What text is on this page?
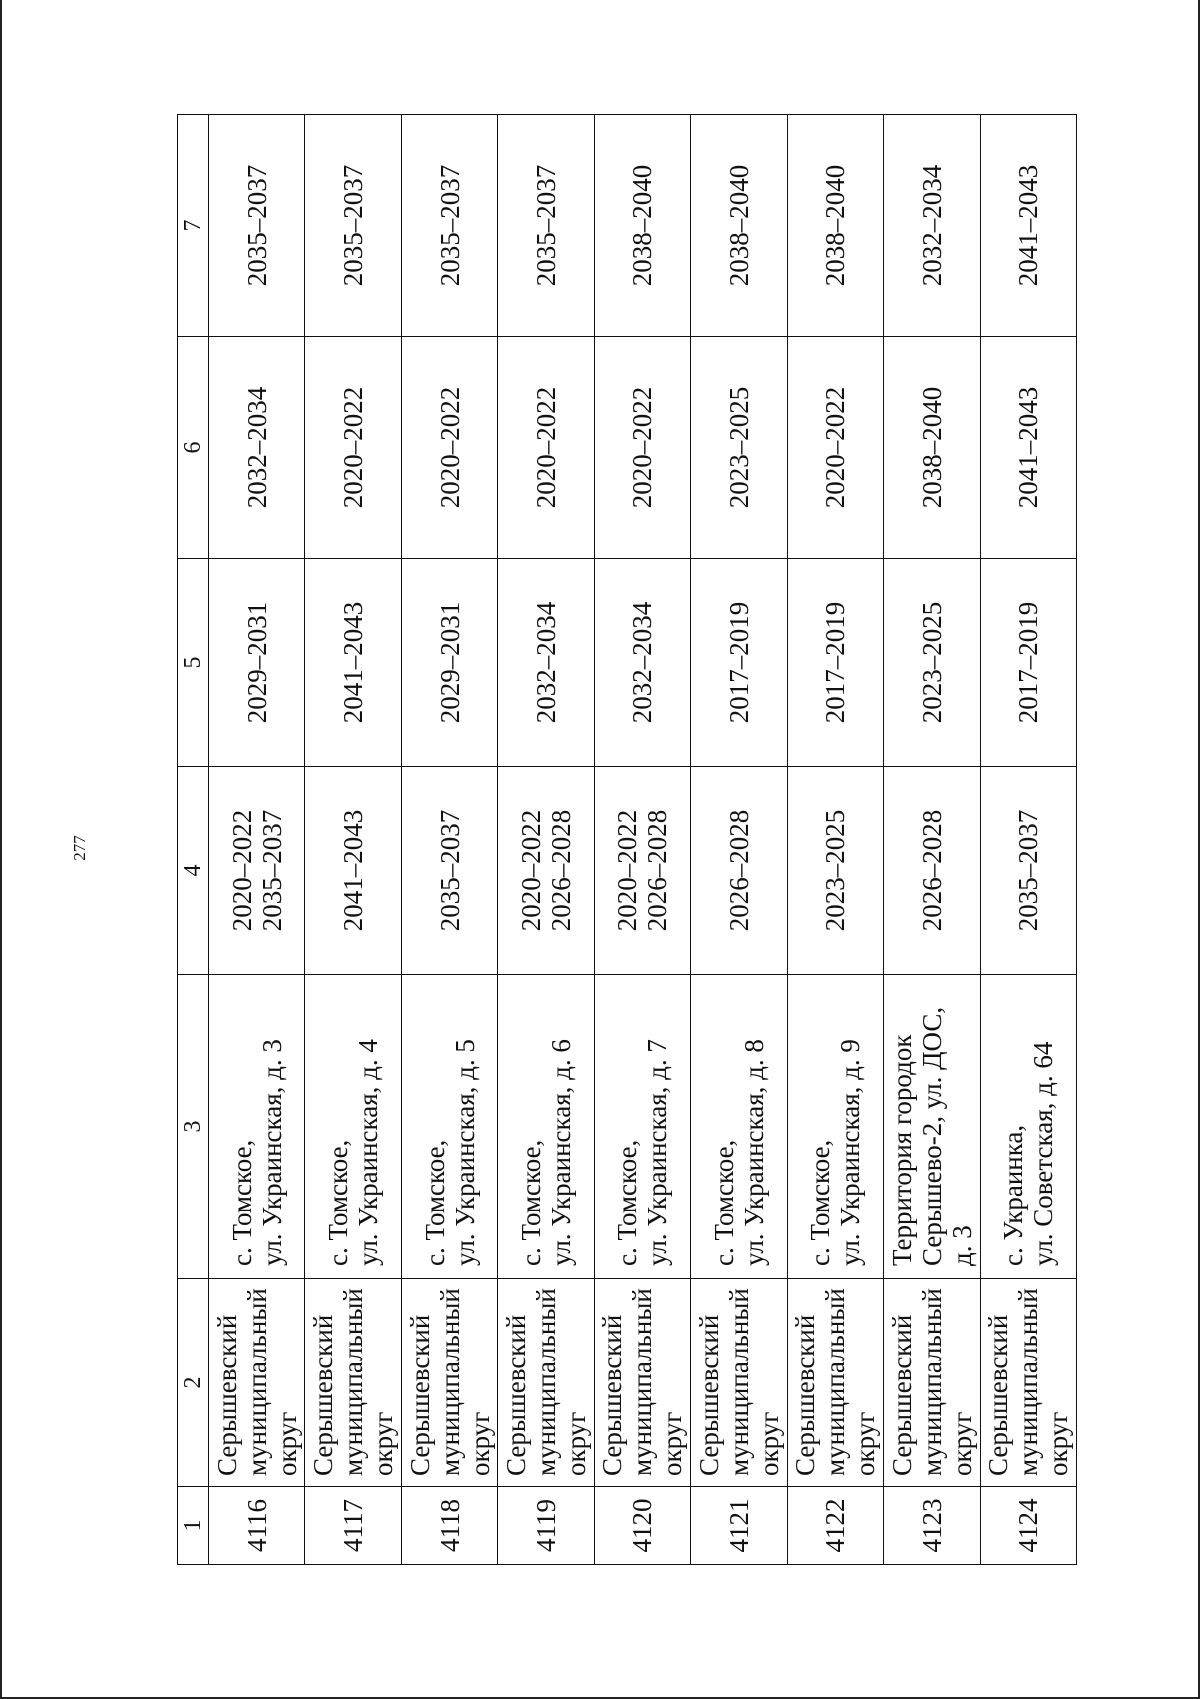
277
1	2	3	4	5	6	7
4116	Серышевский муниципальный округ	с. Томское, ул. Украинская, д. 3	2020–2022 2035–2037	2029–2031	2032–2034	2035–2037

4117	Серышевский муниципальный округ	с. Томское, ул. Украинская, д. 4	2041–2043	2041–2043	2020–2022	2035–2037

4118	Серышевский муниципальный округ	с. Томское, ул. Украинская, д. 5	2035–2037	2029–2031	2020–2022	2035–2037

4119	Серышевский муниципальный округ	с. Томское, ул. Украинская, д. 6	2020–2022 2026–2028	2032–2034	2020–2022	2035–2037

4120	Серышевский муниципальный округ	с. Томское, ул. Украинская, д. 7	2020–2022 2026–2028	2032–2034	2020–2022	2038–2040

4121	Серышевский муниципальный округ	с. Томское, ул. Украинская, д. 8	2026–2028	2017–2019	2023–2025	2038–2040

4122	Серышевский муниципальный округ	с. Томское, ул. Украинская, д. 9	2023–2025	2017–2019	2020–2022	2038–2040

4123	Серышевский муниципальный округ	Территория городок Серышево-2, ул. ДОС, д. 3	2026–2028	2023–2025	2038–2040	2032–2034

4124	Серышевский муниципальный округ	с. Украинка, ул. Советская, д. 64	2035–2037	2017–2019	2041–2043	2041–2043
